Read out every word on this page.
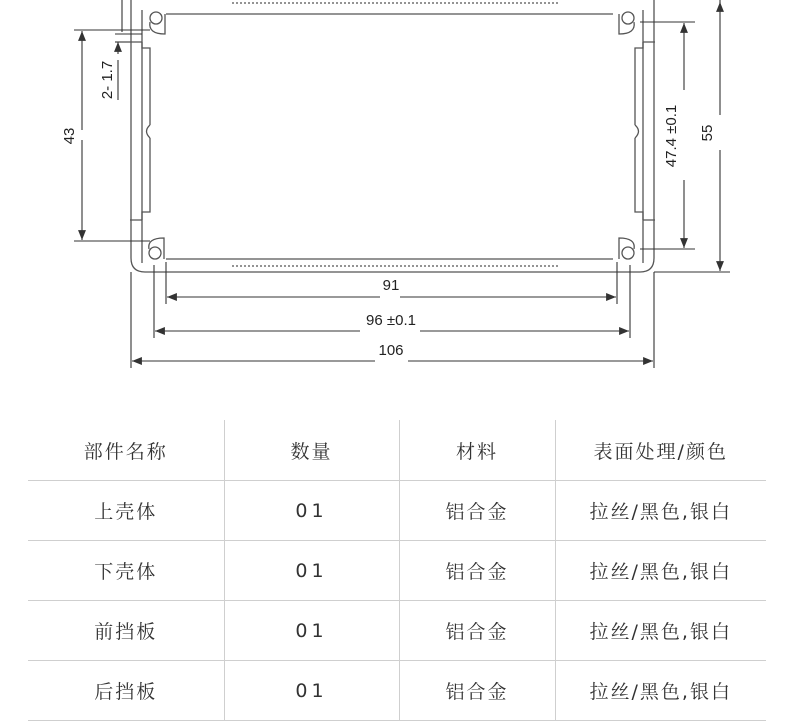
2- 1.7
43	47.4 ±0.1 55
91
96 ±0.1
106
部件名称	数量	材料	表面处理/颜色
上壳体	01	铝合金	拉丝/黑色,银白
下壳体	01	铝合金	拉丝/黑色,银白
前挡板	01	铝合金	拉丝/黑色,银白
后挡板	01	铝合金	拉丝/黑色,银白
